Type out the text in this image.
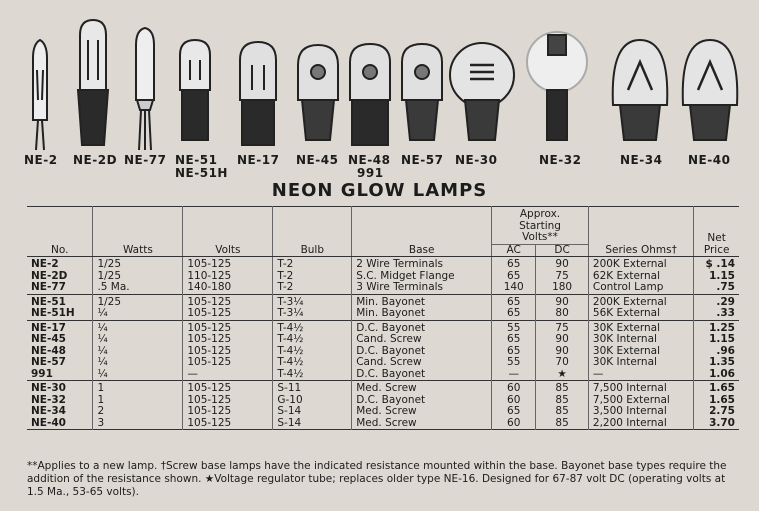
NE-2 NE-2D NE-77 NE-51
NE-51H
NE-17 NE-45 NE-48
991
NE-57 NE-30	NE-32	NE-34 NE-40
NEON GLOW LAMPS

					Approx.
Starting
Volts**			Net
No.	Watts	Volts	Bulb	Base	AC	DC	Series Ohms†	Price
NE-2	1/25	105-125	T-2	2 Wire Terminals	65	90	200K External	$ .14
NE-2D	1/25	110-125	T-2	S.C. Midget Flange	65	75	62K External	1.15
NE-77	.5 Ma.	140-180	T-2	3 Wire Terminals	140	180	Control Lamp	.75
NE-51	1/25	105-125	T-3¼	Min. Bayonet	65	90	200K External	.29
NE-51H	¼	105-125	T-3¼	Min. Bayonet	65	80	56K External	.33
NE-17	¼	105-125	T-4½	D.C. Bayonet	55	75	30K External	1.25
NE-45	¼	105-125	T-4½	Cand. Screw	65	90	30K Internal	1.15
NE-48	¼	105-125	T-4½	D.C. Bayonet	65	90	30K External	.96
NE-57	¼	105-125	T-4½	Cand. Screw	55	70	30K Internal	1.35
991	¼	—	T-4½	D.C. Bayonet	—	★	—	1.06
NE-30	1	105-125	S-11	Med. Screw	60	85	7,500 Internal	1.65
NE-32	1	105-125	G-10	D.C. Bayonet	60	85	7,500 External	1.65
NE-34	2	105-125	S-14	Med. Screw	65	85	3,500 Internal	2.75
NE-40	3	105-125	S-14	Med. Screw	60	85	2,200 Internal	3.70
**Applies to a new lamp. †Screw base lamps have the indicated resistance mounted within the base. Bayonet base types require the addition of the resistance shown. ★Voltage regulator tube; replaces older type NE-16. Designed for 67-87 volt DC (operating volts at 1.5 Ma., 53-65 volts).
